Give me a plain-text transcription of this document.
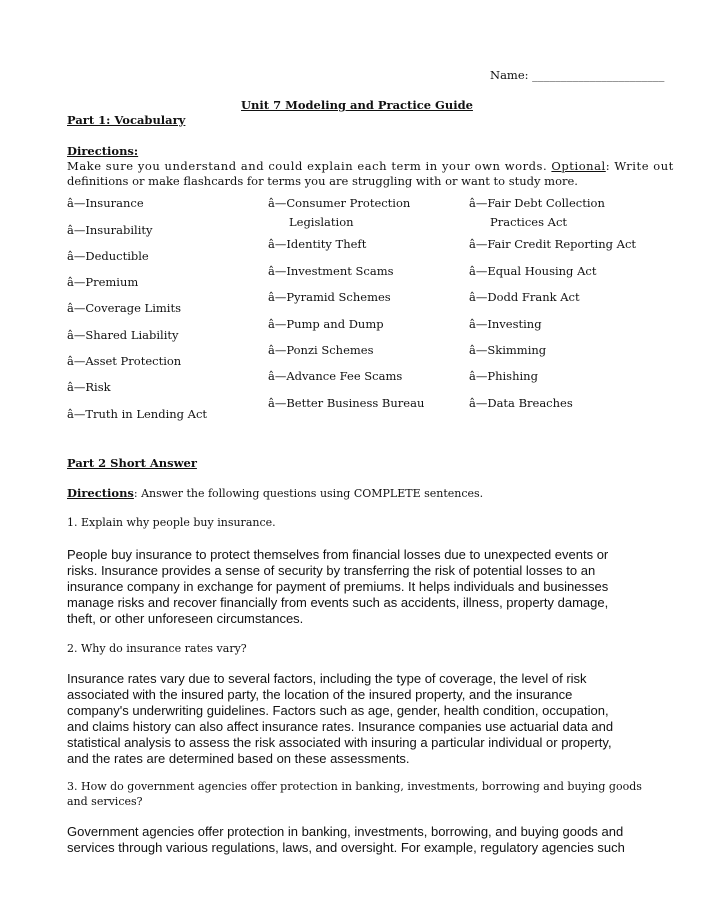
Name: _______________________
Unit 7 Modeling and Practice Guide
Part 1: Vocabulary
Directions:
Make sure you understand and could explain each term in your own words. Optional: Write out
definitions or make flashcards for terms you are struggling with or want to study more.
â—Insurance
â—Insurability
â—Deductible
â—Premium
â—Coverage Limits
â—Shared Liability
â—Asset Protection
â—Risk
â—Truth in Lending Act
â—Consumer Protection
Legislation
â—Identity Theft
â—Investment Scams
â—Pyramid Schemes
â—Pump and Dump
â—Ponzi Schemes
â—Advance Fee Scams
â—Better Business Bureau
â—Fair Debt Collection
Practices Act
â—Fair Credit Reporting Act
â—Equal Housing Act
â—Dodd Frank Act
â—Investing
â—Skimming
â—Phishing
â—Data Breaches
Part 2 Short Answer
Directions: Answer the following questions using COMPLETE sentences.
1. Explain why people buy insurance.
People buy insurance to protect themselves from financial losses due to unexpected events or
risks. Insurance provides a sense of security by transferring the risk of potential losses to an
insurance company in exchange for payment of premiums. It helps individuals and businesses
manage risks and recover financially from events such as accidents, illness, property damage,
theft, or other unforeseen circumstances.
2. Why do insurance rates vary?
Insurance rates vary due to several factors, including the type of coverage, the level of risk
associated with the insured party, the location of the insured property, and the insurance
company's underwriting guidelines. Factors such as age, gender, health condition, occupation,
and claims history can also affect insurance rates. Insurance companies use actuarial data and
statistical analysis to assess the risk associated with insuring a particular individual or property,
and the rates are determined based on these assessments.
3. How do government agencies offer protection in banking, investments, borrowing and buying goods
and services?
Government agencies offer protection in banking, investments, borrowing, and buying goods and
services through various regulations, laws, and oversight. For example, regulatory agencies such
